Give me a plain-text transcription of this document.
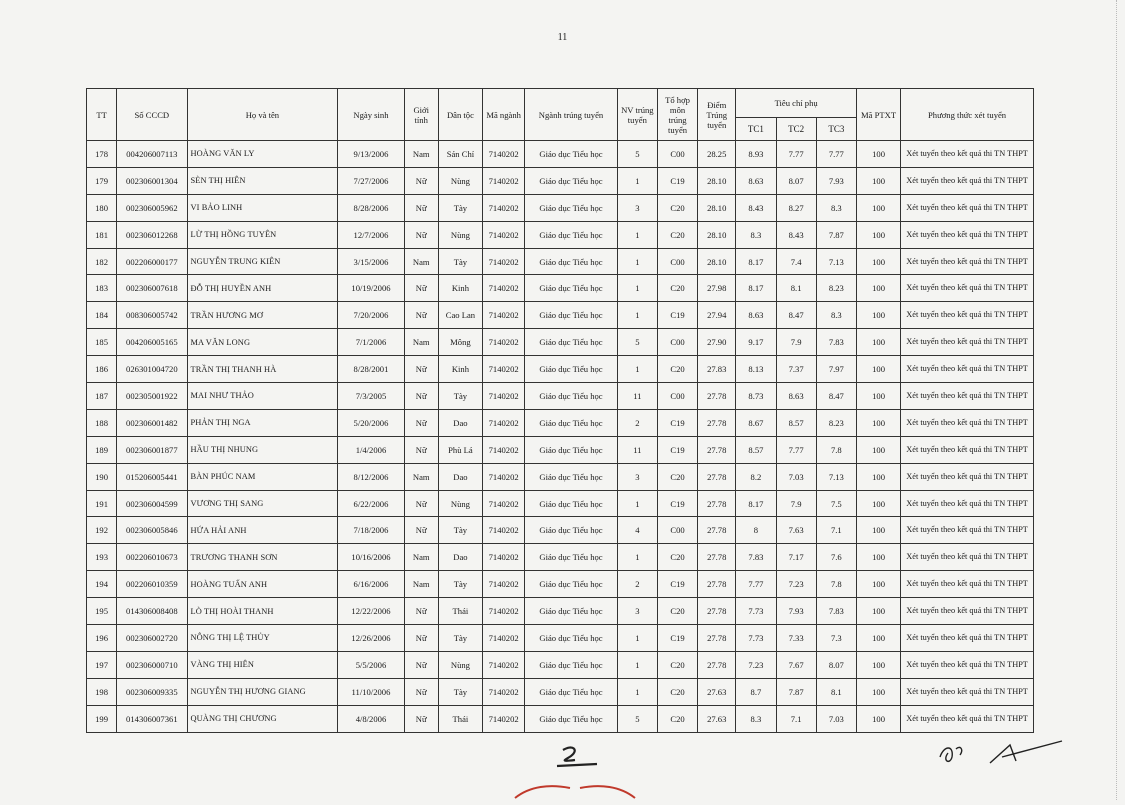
11
TT	Số CCCD	Họ và tên	Ngày sinh	Giới tính	Dân tộc	Mã ngành	Ngành trúng tuyển	NV trúng tuyển	Tổ hợp môn trúng tuyển	Điểm Trúng tuyển	Tiêu chí phụ			Mã PTXT	Phương thức xét tuyển
											TC1	TC2	TC3		
178	004206007113	HOÀNG VĂN LY	9/13/2006	Nam	Sán Chỉ	7140202	Giáo dục Tiểu học	5	C00	28.25	8.93	7.77	7.77	100	Xét tuyển theo kết quả thi TN THPT
179	002306001304	SÈN THỊ HIÊN	7/27/2006	Nữ	Nùng	7140202	Giáo dục Tiểu học	1	C19	28.10	8.63	8.07	7.93	100	Xét tuyển theo kết quả thi TN THPT
180	002306005962	VI BẢO LINH	8/28/2006	Nữ	Tày	7140202	Giáo dục Tiểu học	3	C20	28.10	8.43	8.27	8.3	100	Xét tuyển theo kết quả thi TN THPT
181	002306012268	LỪ THỊ HỒNG TUYÊN	12/7/2006	Nữ	Nùng	7140202	Giáo dục Tiểu học	1	C20	28.10	8.3	8.43	7.87	100	Xét tuyển theo kết quả thi TN THPT
182	002206000177	NGUYỄN TRUNG KIÊN	3/15/2006	Nam	Tày	7140202	Giáo dục Tiểu học	1	C00	28.10	8.17	7.4	7.13	100	Xét tuyển theo kết quả thi TN THPT
183	002306007618	ĐỖ THỊ HUYỀN ANH	10/19/2006	Nữ	Kinh	7140202	Giáo dục Tiểu học	1	C20	27.98	8.17	8.1	8.23	100	Xét tuyển theo kết quả thi TN THPT
184	008306005742	TRẦN HƯƠNG MƠ	7/20/2006	Nữ	Cao Lan	7140202	Giáo dục Tiểu học	1	C19	27.94	8.63	8.47	8.3	100	Xét tuyển theo kết quả thi TN THPT
185	004206005165	MA VĂN LONG	7/1/2006	Nam	Mông	7140202	Giáo dục Tiểu học	5	C00	27.90	9.17	7.9	7.83	100	Xét tuyển theo kết quả thi TN THPT
186	026301004720	TRẦN THỊ THANH HÀ	8/28/2001	Nữ	Kinh	7140202	Giáo dục Tiểu học	1	C20	27.83	8.13	7.37	7.97	100	Xét tuyển theo kết quả thi TN THPT
187	002305001922	MAI NHƯ THẢO	7/3/2005	Nữ	Tày	7140202	Giáo dục Tiểu học	11	C00	27.78	8.73	8.63	8.47	100	Xét tuyển theo kết quả thi TN THPT
188	002306001482	PHẢN THỊ NGA	5/20/2006	Nữ	Dao	7140202	Giáo dục Tiểu học	2	C19	27.78	8.67	8.57	8.23	100	Xét tuyển theo kết quả thi TN THPT
189	002306001877	HẦU THỊ NHUNG	1/4/2006	Nữ	Phù Lá	7140202	Giáo dục Tiểu học	11	C19	27.78	8.57	7.77	7.8	100	Xét tuyển theo kết quả thi TN THPT
190	015206005441	BÀN PHÚC NAM	8/12/2006	Nam	Dao	7140202	Giáo dục Tiểu học	3	C20	27.78	8.2	7.03	7.13	100	Xét tuyển theo kết quả thi TN THPT
191	002306004599	VƯƠNG THỊ SANG	6/22/2006	Nữ	Nùng	7140202	Giáo dục Tiểu học	1	C19	27.78	8.17	7.9	7.5	100	Xét tuyển theo kết quả thi TN THPT
192	002306005846	HỨA HẢI ANH	7/18/2006	Nữ	Tày	7140202	Giáo dục Tiểu học	4	C00	27.78	8	7.63	7.1	100	Xét tuyển theo kết quả thi TN THPT
193	002206010673	TRƯƠNG THANH SƠN	10/16/2006	Nam	Dao	7140202	Giáo dục Tiểu học	1	C20	27.78	7.83	7.17	7.6	100	Xét tuyển theo kết quả thi TN THPT
194	002206010359	HOÀNG TUẤN ANH	6/16/2006	Nam	Tày	7140202	Giáo dục Tiểu học	2	C19	27.78	7.77	7.23	7.8	100	Xét tuyển theo kết quả thi TN THPT
195	014306008408	LÒ THỊ HOÀI THANH	12/22/2006	Nữ	Thái	7140202	Giáo dục Tiểu học	3	C20	27.78	7.73	7.93	7.83	100	Xét tuyển theo kết quả thi TN THPT
196	002306002720	NÔNG THỊ LỆ THỦY	12/26/2006	Nữ	Tày	7140202	Giáo dục Tiểu học	1	C19	27.78	7.73	7.33	7.3	100	Xét tuyển theo kết quả thi TN THPT
197	002306000710	VÀNG THỊ HIÊN	5/5/2006	Nữ	Nùng	7140202	Giáo dục Tiểu học	1	C20	27.78	7.23	7.67	8.07	100	Xét tuyển theo kết quả thi TN THPT
198	002306009335	NGUYỄN THỊ HƯƠNG GIANG	11/10/2006	Nữ	Tày	7140202	Giáo dục Tiểu học	1	C20	27.63	8.7	7.87	8.1	100	Xét tuyển theo kết quả thi TN THPT
199	014306007361	QUÀNG THỊ CHƯƠNG	4/8/2006	Nữ	Thái	7140202	Giáo dục Tiểu học	5	C20	27.63	8.3	7.1	7.03	100	Xét tuyển theo kết quả thi TN THPT
